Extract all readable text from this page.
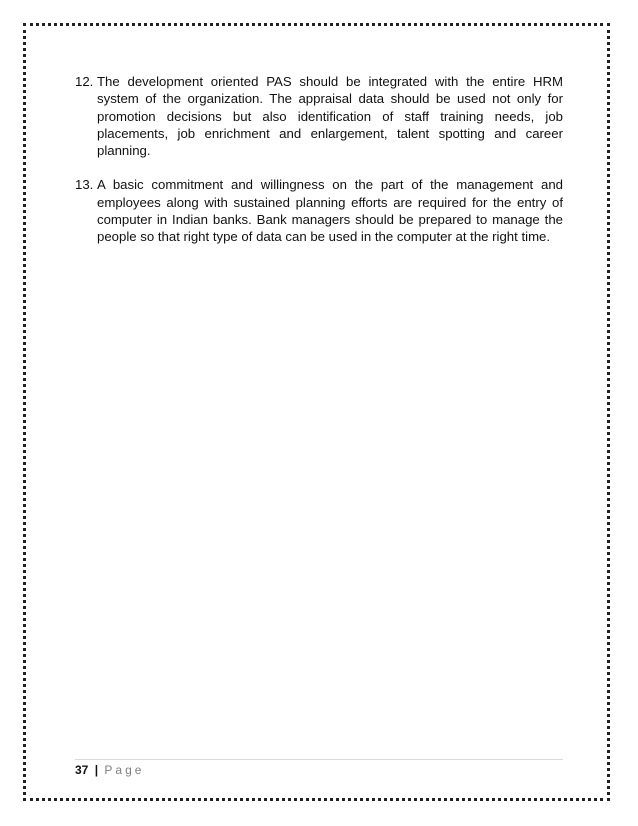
12. The development oriented PAS should be integrated with the entire HRM system of the organization. The appraisal data should be used not only for promotion decisions but also identification of staff training needs, job placements, job enrichment and enlargement, talent spotting and career planning.
13. A basic commitment and willingness on the part of the management and employees along with sustained planning efforts are required for the entry of computer in Indian banks. Bank managers should be prepared to manage the people so that right type of data can be used in the computer at the right time.
37 | Page
